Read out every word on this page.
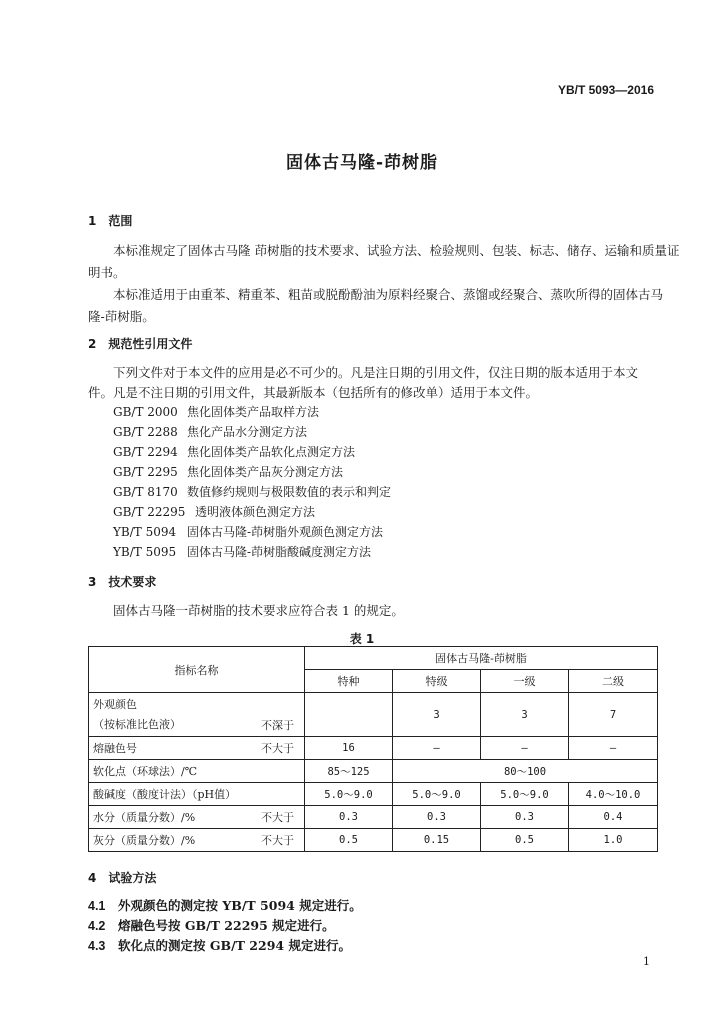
YB/T 5093—2016
固体古马隆-茚树脂
1　范围
本标准规定了固体古马隆 茚树脂的技术要求、试验方法、检验规则、包装、标志、储存、运输和质量证
明书。
本标准适用于由重苯、精重苯、粗苗或脱酚酚油为原料经聚合、蒸馏或经聚合、蒸吹所得的固体古马
隆-茚树脂。
2　规范性引用文件
下列文件对于本文件的应用是必不可少的。凡是注日期的引用文件，仅注日期的版本适用于本文
件。凡是不注日期的引用文件，其最新版本（包括所有的修改单）适用于本文件。
GB/T 2000 焦化固体类产品取样方法
GB/T 2288 焦化产品水分测定方法
GB/T 2294 焦化固体类产品软化点测定方法
GB/T 2295 焦化固体类产品灰分测定方法
GB/T 8170 数值修约规则与极限数值的表示和判定
GB/T 22295 透明液体颜色测定方法
YB/T 5094 固体古马隆-茚树脂外观颜色测定方法
YB/T 5095 固体古马隆-茚树脂酸碱度测定方法
3　技术要求
固体古马隆一茚树脂的技术要求应符合表 1 的规定。
表 1
指标名称		固体古马隆-茚树脂			
		特种	特级	一级	二级

外观颜色
（按标准比色液）	不深于		3	3	7
熔融色号	不大于	16	—	—	—
软化点（环球法）/℃		85～125	80～100		
酸碱度（酸度计法）（pH值）		5.0～9.0	5.0～9.0	5.0～9.0	4.0～10.0
水分（质量分数）/%	不大于	0.3	0.3	0.3	0.4
灰分（质量分数）/%	不大于	0.5	0.15	0.5	1.0
4　试验方法
4.1 外观颜色的测定按 YB/T 5094 规定进行。
4.2 熔融色号按 GB/T 22295 规定进行。
4.3 软化点的测定按 GB/T 2294 规定进行。
1
